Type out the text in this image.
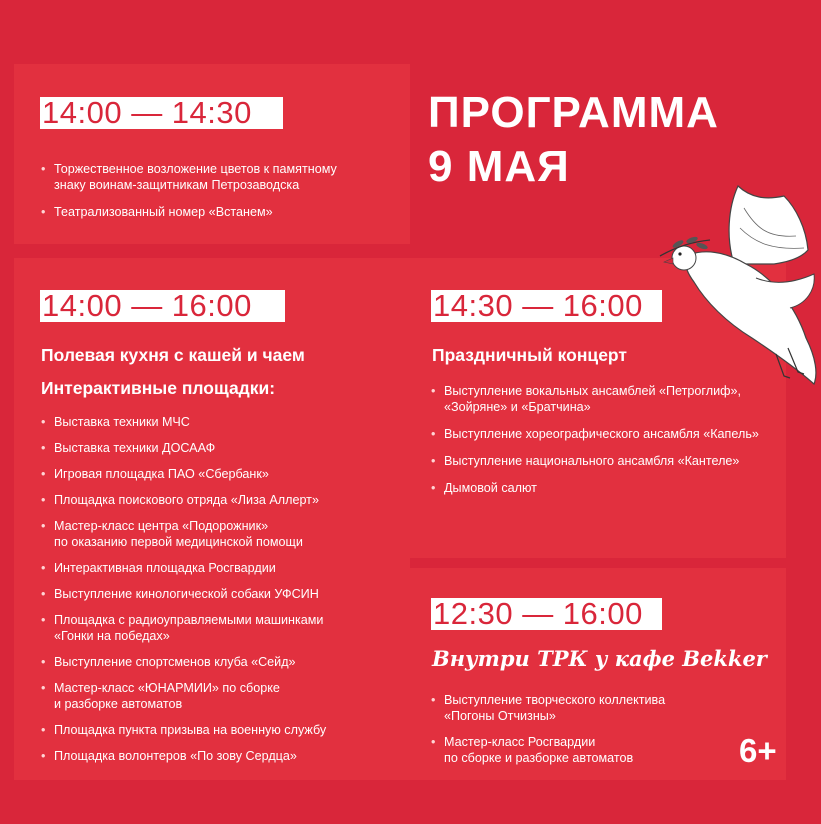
ПРОГРАММА
9 МАЯ
14:00 — 14:30
• Торжественное возложение цветов к памятному
знаку воинам-защитникам Петрозаводска
• Театрализованный номер «Встанем»
14:00 — 16:00
Полевая кухня с кашей и чаем
Интерактивные площадки:
• Выставка техники МЧС
• Выставка техники ДОСААФ
• Игровая площадка ПАО «Сбербанк»
• Площадка поискового отряда «Лиза Аллерт»
• Мастер-класс центра «Подорожник»
по оказанию первой медицинской помощи
• Интерактивная площадка Росгвардии
• Выступление кинологической собаки УФСИН
• Площадка с радиоуправляемыми машинками
«Гонки на победах»
• Выступление спортсменов клуба «Сейд»
• Мастер-класс «ЮНАРМИИ» по сборке
и разборке автоматов
• Площадка пункта призыва на военную службу
• Площадка волонтеров «По зову Сердца»
14:30 — 16:00
Праздничный концерт
• Выступление вокальных ансамблей «Петроглиф»,
«Зойряне» и «Братчина»
• Выступление хореографического ансамбля «Капель»
• Выступление национального ансамбля «Кантеле»
• Дымовой салют
12:30 — 16:00
Внутри ТРК у кафе Bekker
• Выступление творческого коллектива
«Погоны Отчизны»
• Мастер-класс Росгвардии
по сборке и разборке автоматов	6+
